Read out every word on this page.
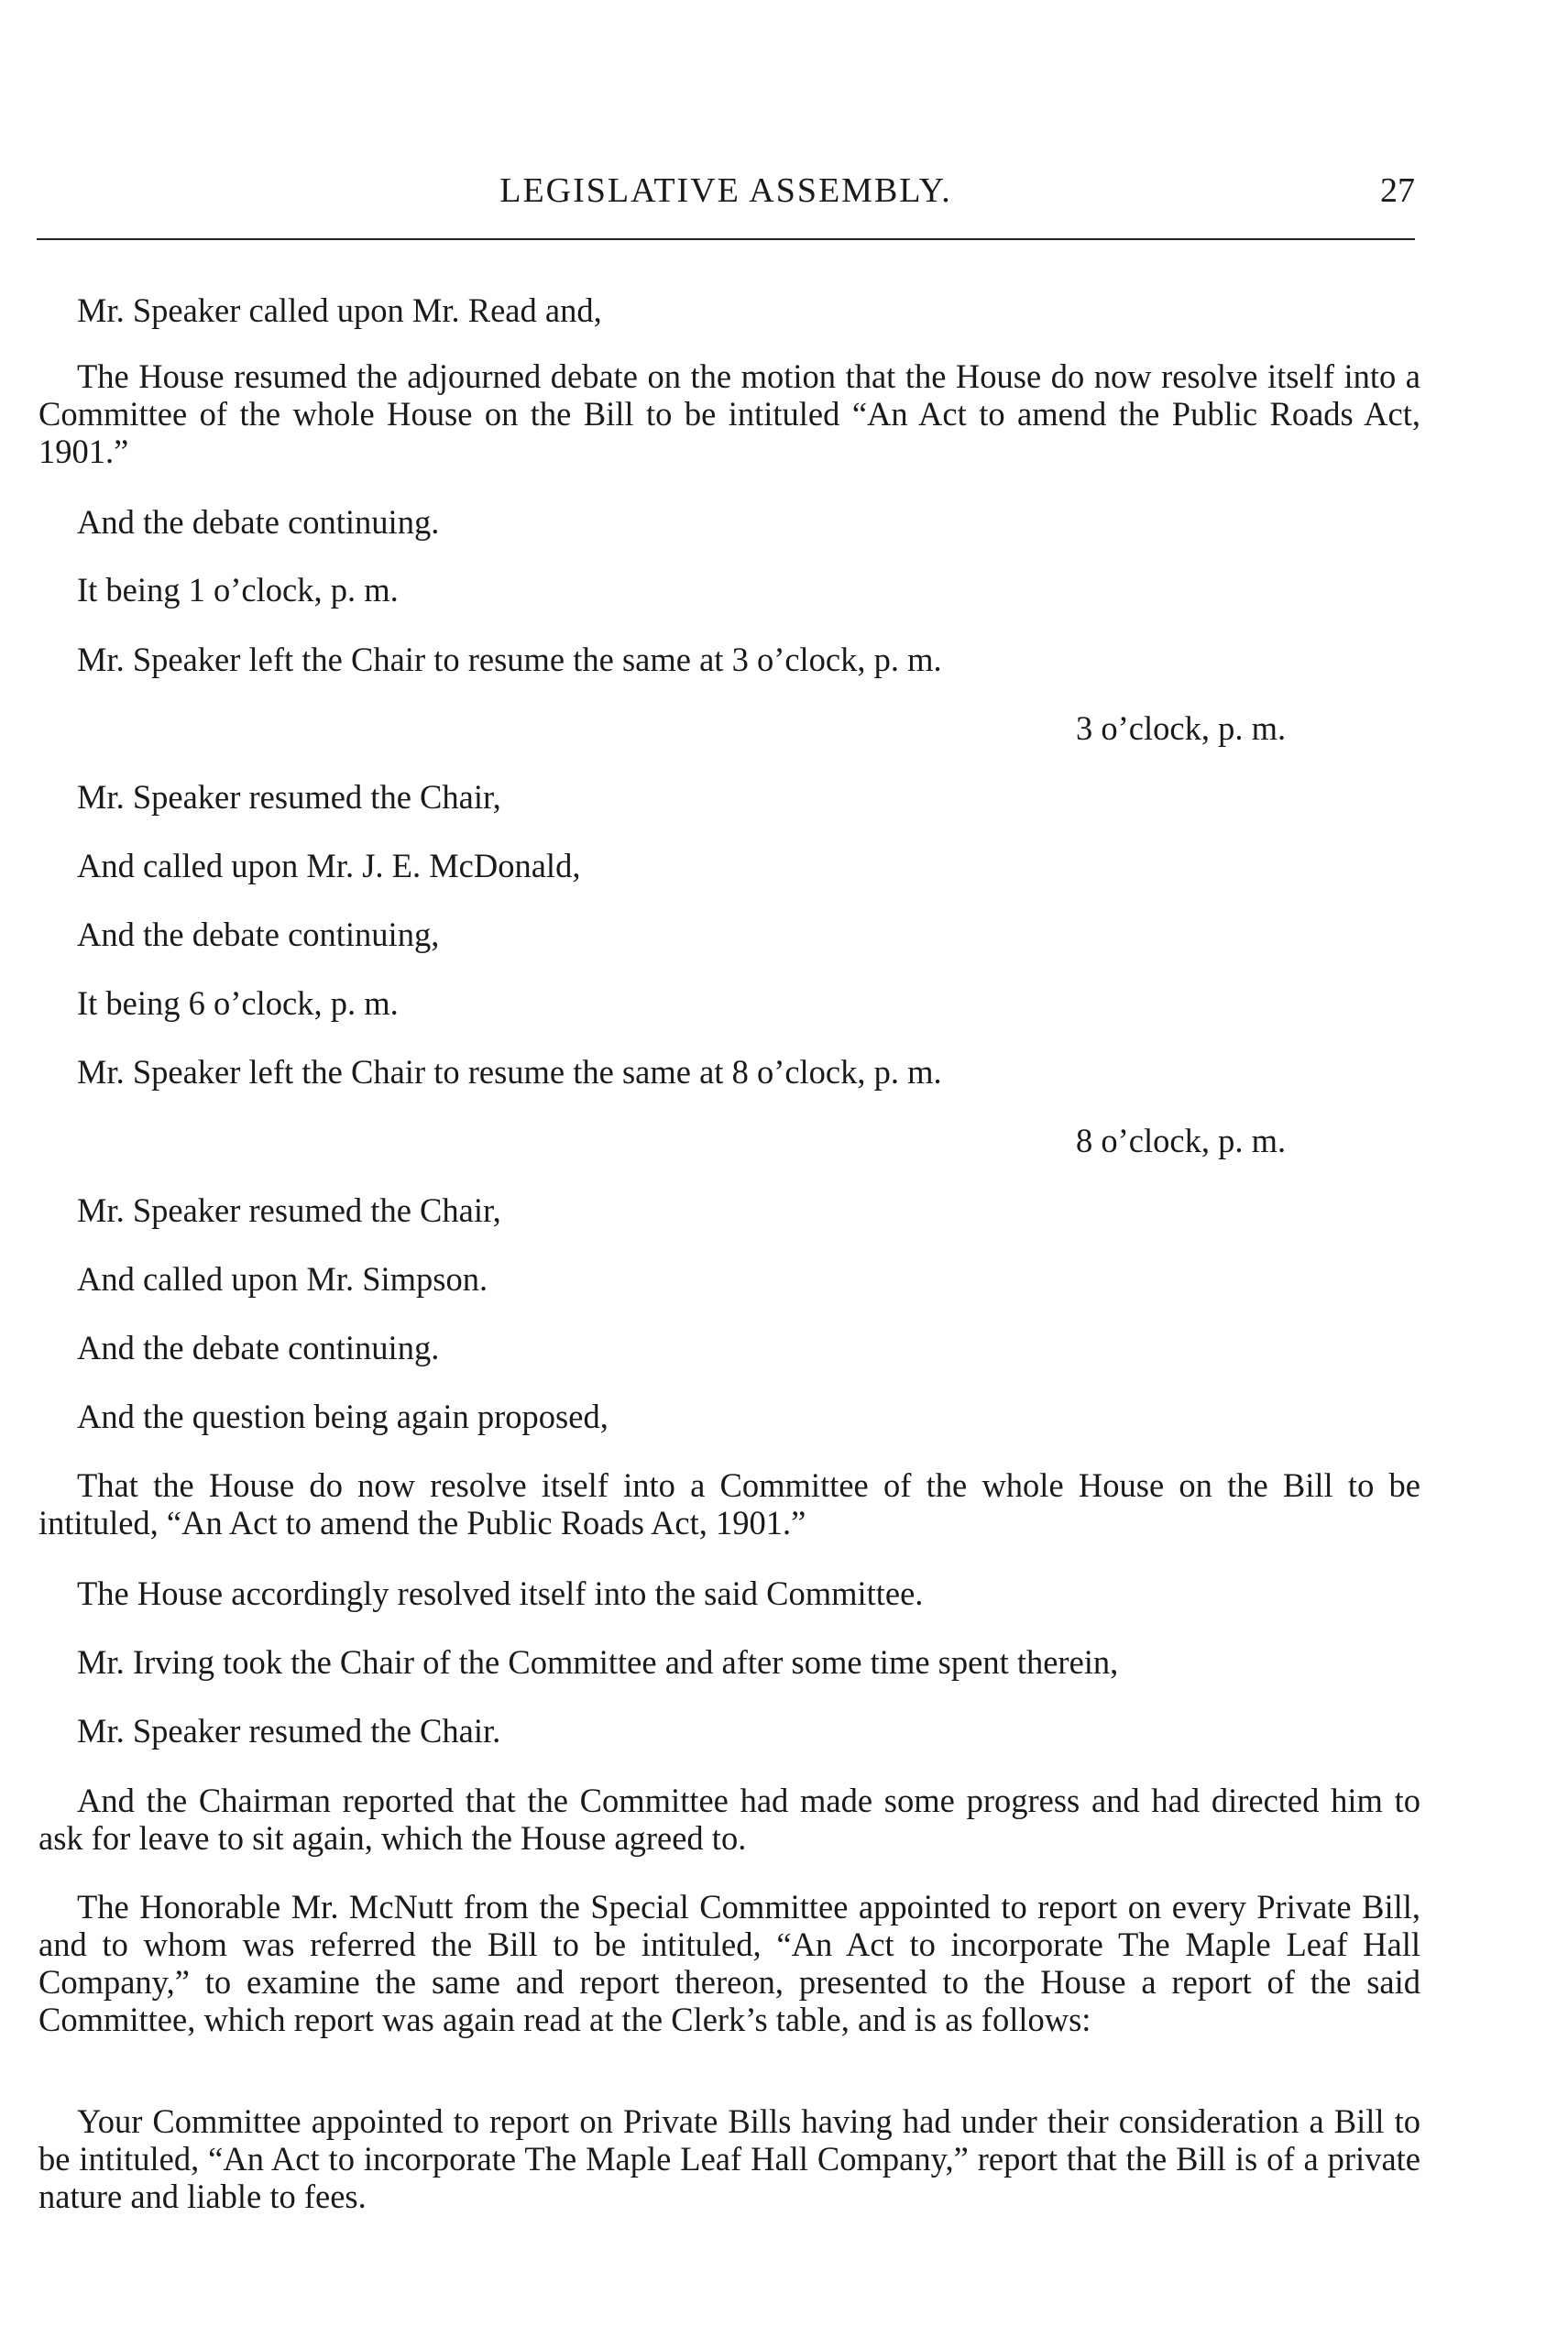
LEGISLATIVE ASSEMBLY.	27

Mr. Speaker called upon Mr. Read and,

The House resumed the adjourned debate on the motion that the House do now resolve itself into a Committee of the whole House on the Bill to be intituled “An Act to amend the Public Roads Act, 1901.”

And the debate continuing.

It being 1 o’clock, p. m.

Mr. Speaker left the Chair to resume the same at 3 o’clock, p. m.

3 o’clock, p. m.

Mr. Speaker resumed the Chair,

And called upon Mr. J. E. McDonald,

And the debate continuing,

It being 6 o’clock, p. m.

Mr. Speaker left the Chair to resume the same at 8 o’clock, p. m.

8 o’clock, p. m.

Mr. Speaker resumed the Chair,

And called upon Mr. Simpson.

And the debate continuing.

And the question being again proposed,

That the House do now resolve itself into a Committee of the whole House on the Bill to be intituled, “An Act to amend the Public Roads Act, 1901.”

The House accordingly resolved itself into the said Committee.

Mr. Irving took the Chair of the Committee and after some time spent therein,

Mr. Speaker resumed the Chair.

And the Chairman reported that the Committee had made some progress and had directed him to ask for leave to sit again, which the House agreed to.

The Honorable Mr. McNutt from the Special Committee appointed to report on every Private Bill, and to whom was referred the Bill to be intituled, “An Act to incorporate The Maple Leaf Hall Company,” to examine the same and report thereon, presented to the House a report of the said Committee, which report was again read at the Clerk’s table, and is as follows:

Your Committee appointed to report on Private Bills having had under their consideration a Bill to be intituled, “An Act to incorporate The Maple Leaf Hall Company,” report that the Bill is of a private nature and liable to fees.
